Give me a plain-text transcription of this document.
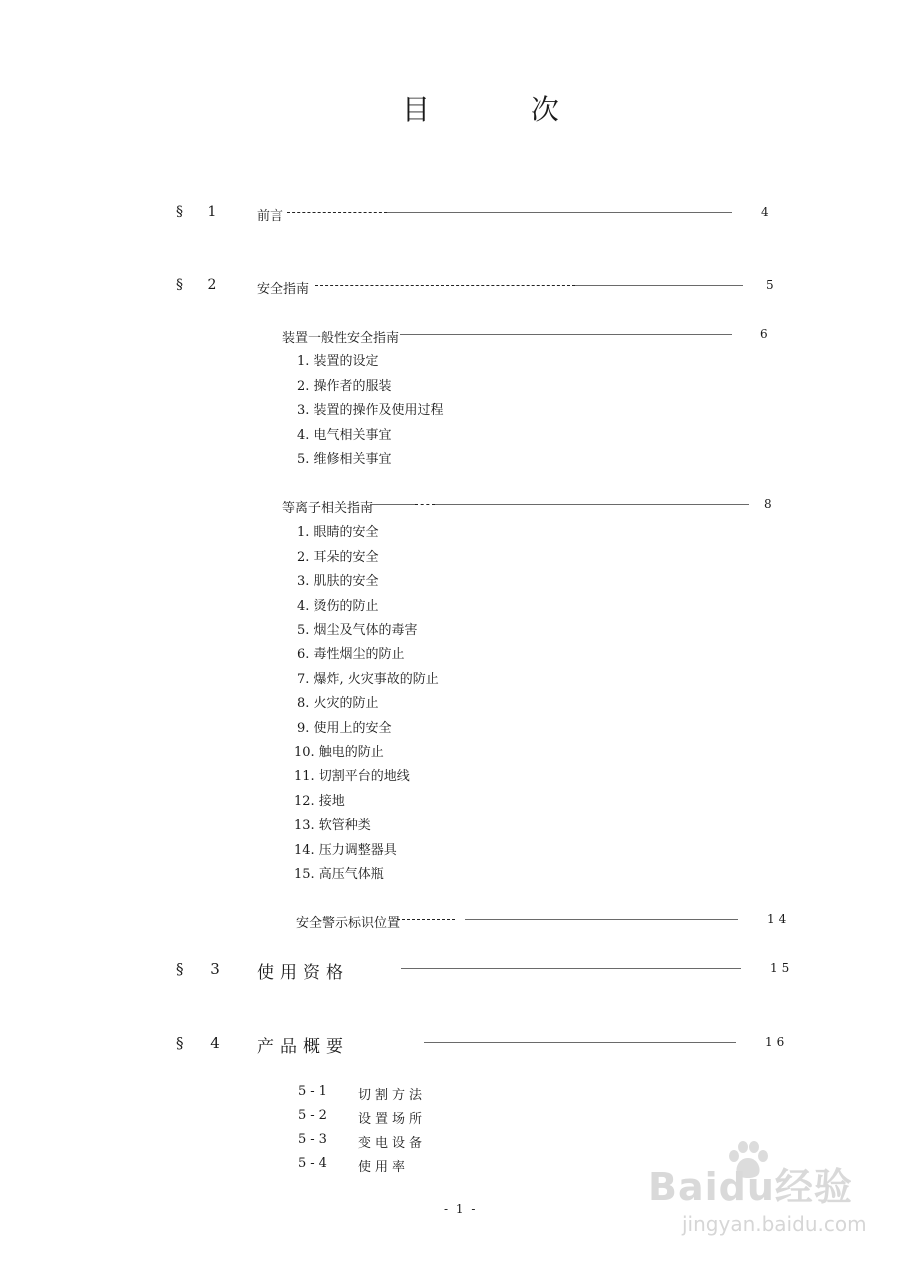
目 次
§ 1 前言	4
§ 2 安全指南	5
装置一般性安全指南	6
1. 装置的设定
2. 操作者的服装
3. 装置的操作及使用过程
4. 电气相关事宜
5. 维修相关事宜
等离子相关指南	8
1. 眼睛的安全
2. 耳朵的安全
3. 肌肤的安全
4. 烫伤的防止
5. 烟尘及气体的毒害
6. 毒性烟尘的防止
7. 爆炸, 火灾事故的防止
8. 火灾的防止
9. 使用上的安全
10. 触电的防止
11. 切割平台的地线
12. 接地
13. 软管种类
14. 压力调整器具
15. 高压气体瓶
安全警示标识位置	14
§ 3 使用资格	15
§ 4 产品概要	16
5-1 切割方法
5-2 设置场所
5-3 变电设备
5-4 使用率
- 1 -	Baidu经验
jingyan.baidu.com
